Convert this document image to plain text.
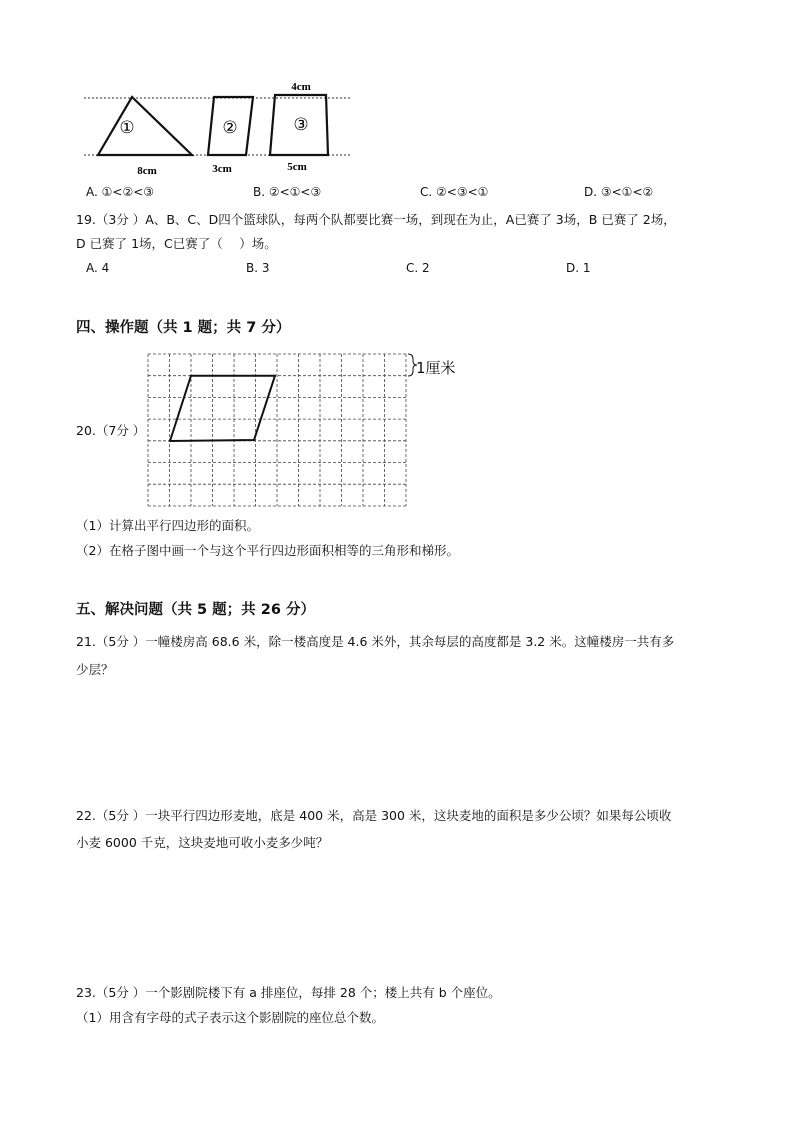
①	②	③
4cm
8cm	3cm	5cm
A. ①<②<③	B. ②<①<③	C. ②<③<①	D. ③<①<②
19.（3分 ）A、B、C、D四个篮球队，每两个队都要比赛一场，到现在为止，A已赛了 3场，B 已赛了 2场，
D 已赛了 1场，C已赛了（　 ）场。
A. 4	B. 3	C. 2	D. 1
四、操作题（共 1 题；共 7 分）
20.（7分 ）
1厘米
（1）计算出平行四边形的面积。
（2）在格子图中画一个与这个平行四边形面积相等的三角形和梯形。
五、解决问题（共 5 题；共 26 分）
21.（5分 ）一幢楼房高 68.6 米，除一楼高度是 4.6 米外，其余每层的高度都是 3.2 米。这幢楼房一共有多
少层？
22.（5分 ）一块平行四边形麦地，底是 400 米，高是 300 米，这块麦地的面积是多少公顷？如果每公顷收
小麦 6000 千克，这块麦地可收小麦多少吨？
23.（5分 ）一个影剧院楼下有 a 排座位，每排 28 个；楼上共有 b 个座位。
（1）用含有字母的式子表示这个影剧院的座位总个数。
